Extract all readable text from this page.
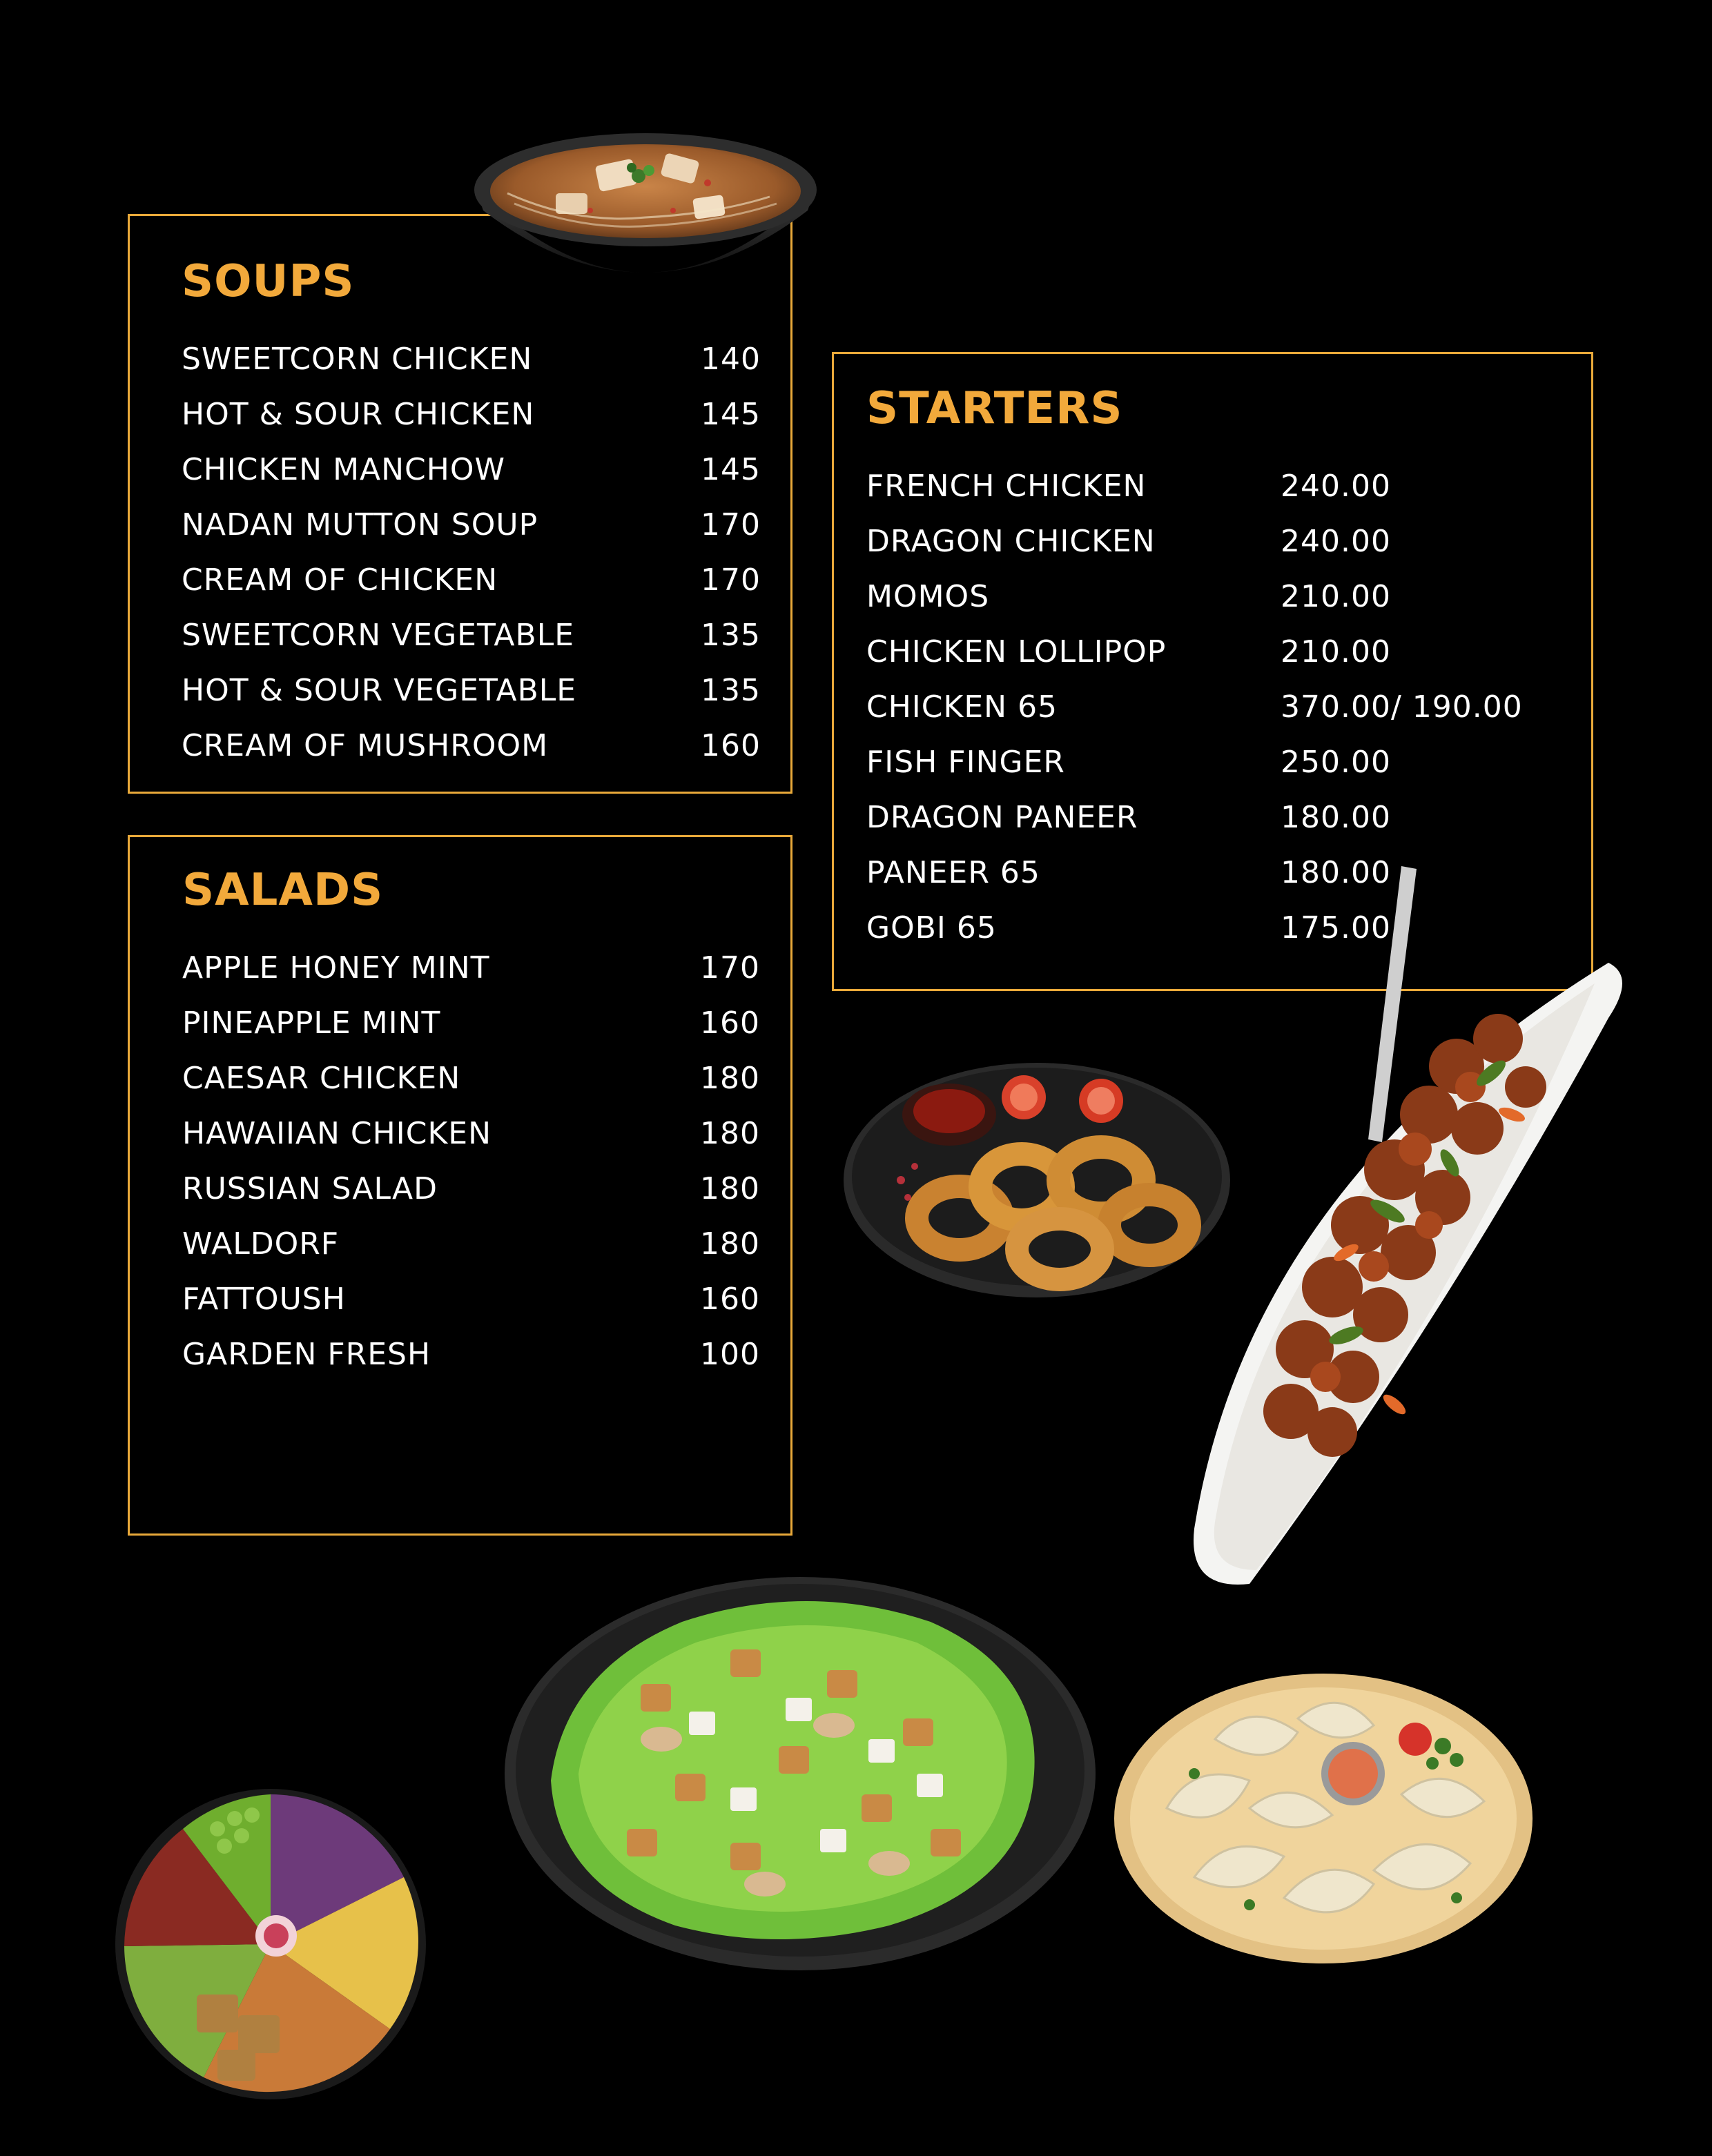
SOUPS
SWEETCORN CHICKEN	140
HOT & SOUR CHICKEN	145
CHICKEN MANCHOW	145
NADAN MUTTON SOUP	170
CREAM OF CHICKEN	170
SWEETCORN VEGETABLE	135
HOT & SOUR VEGETABLE	135
CREAM OF MUSHROOM	160
SALADS
APPLE HONEY MINT	170
PINEAPPLE MINT	160
CAESAR CHICKEN	180
HAWAIIAN CHICKEN	180
RUSSIAN SALAD	180
WALDORF	180
FATTOUSH	160
GARDEN FRESH	100
STARTERS
FRENCH CHICKEN	240.00
DRAGON CHICKEN	240.00
MOMOS	210.00
CHICKEN LOLLIPOP	210.00
CHICKEN 65	370.00/ 190.00
FISH FINGER	250.00
DRAGON PANEER	180.00
PANEER 65	180.00
GOBI 65	175.00
